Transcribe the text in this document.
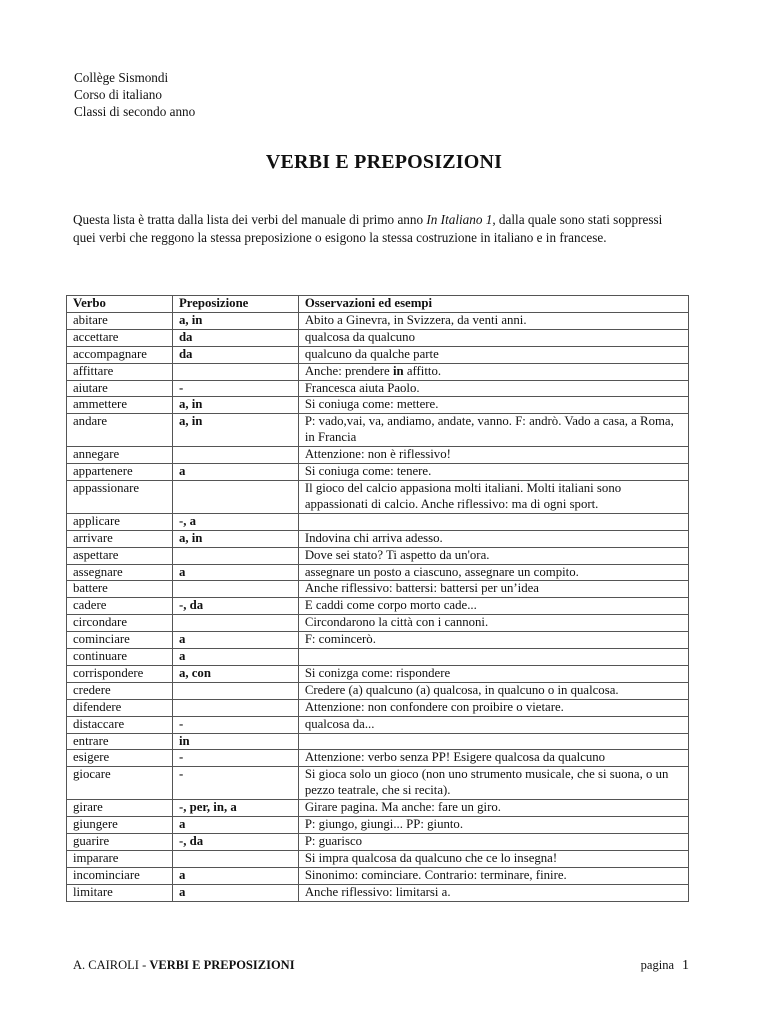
Collège Sismondi
Corso di italiano
Classi di secondo anno
VERBI E PREPOSIZIONI
Questa lista è tratta dalla lista dei verbi del manuale di primo anno In Italiano 1, dalla quale sono stati soppressi quei verbi che reggono la stessa preposizione o esigono la stessa costruzione in italiano e in francese.
Verbo	Preposizione	Osservazioni ed esempi
abitare	a, in	Abito a Ginevra, in Svizzera, da venti anni.
accettare	da	qualcosa da qualcuno
accompagnare	da	qualcuno da qualche parte
affittare		Anche: prendere in affitto.
aiutare	-	Francesca aiuta Paolo.
ammettere	a, in	Si coniuga come: mettere.
andare	a, in	P: vado,vai, va, andiamo, andate, vanno. F: andrò. Vado a casa, a Roma, in Francia
annegare		Attenzione: non è riflessivo!
appartenere	a	Si coniuga come: tenere.
appassionare		Il gioco del calcio appasiona molti italiani. Molti italiani sono appassionati di calcio. Anche riflessivo: ma di ogni sport.
applicare	-, a	
arrivare	a, in	Indovina chi arriva adesso.
aspettare		Dove sei stato? Ti aspetto da un'ora.
assegnare	a	assegnare un posto a ciascuno, assegnare un compito.
battere		Anche riflessivo: battersi: battersi per un’idea
cadere	-, da	E caddi come corpo morto cade...
circondare		Circondarono la città con i cannoni.
cominciare	a	F: comincerò.
continuare	a	
corrispondere	a, con	Si conizga come: rispondere
credere		Credere (a) qualcuno (a) qualcosa, in qualcuno o in qualcosa.
difendere		Attenzione: non confondere con proibire o vietare.
distaccare	-	qualcosa da...
entrare	in	
esigere	-	Attenzione: verbo senza PP! Esigere qualcosa da qualcuno
giocare	-	Si gioca solo un gioco (non uno strumento musicale, che si suona, o un pezzo teatrale, che si recita).
girare	-, per, in, a	Girare pagina. Ma anche: fare un giro.
giungere	a	P: giungo, giungi... PP: giunto.
guarire	-, da	P: guarisco
imparare		Si impra qualcosa da qualcuno che ce lo insegna!
incominciare	a	Sinonimo: cominciare. Contrario: terminare, finire.
limitare	a	Anche riflessivo: limitarsi a.
A. CAIROLI - VERBI E PREPOSIZIONI	pagina 1
